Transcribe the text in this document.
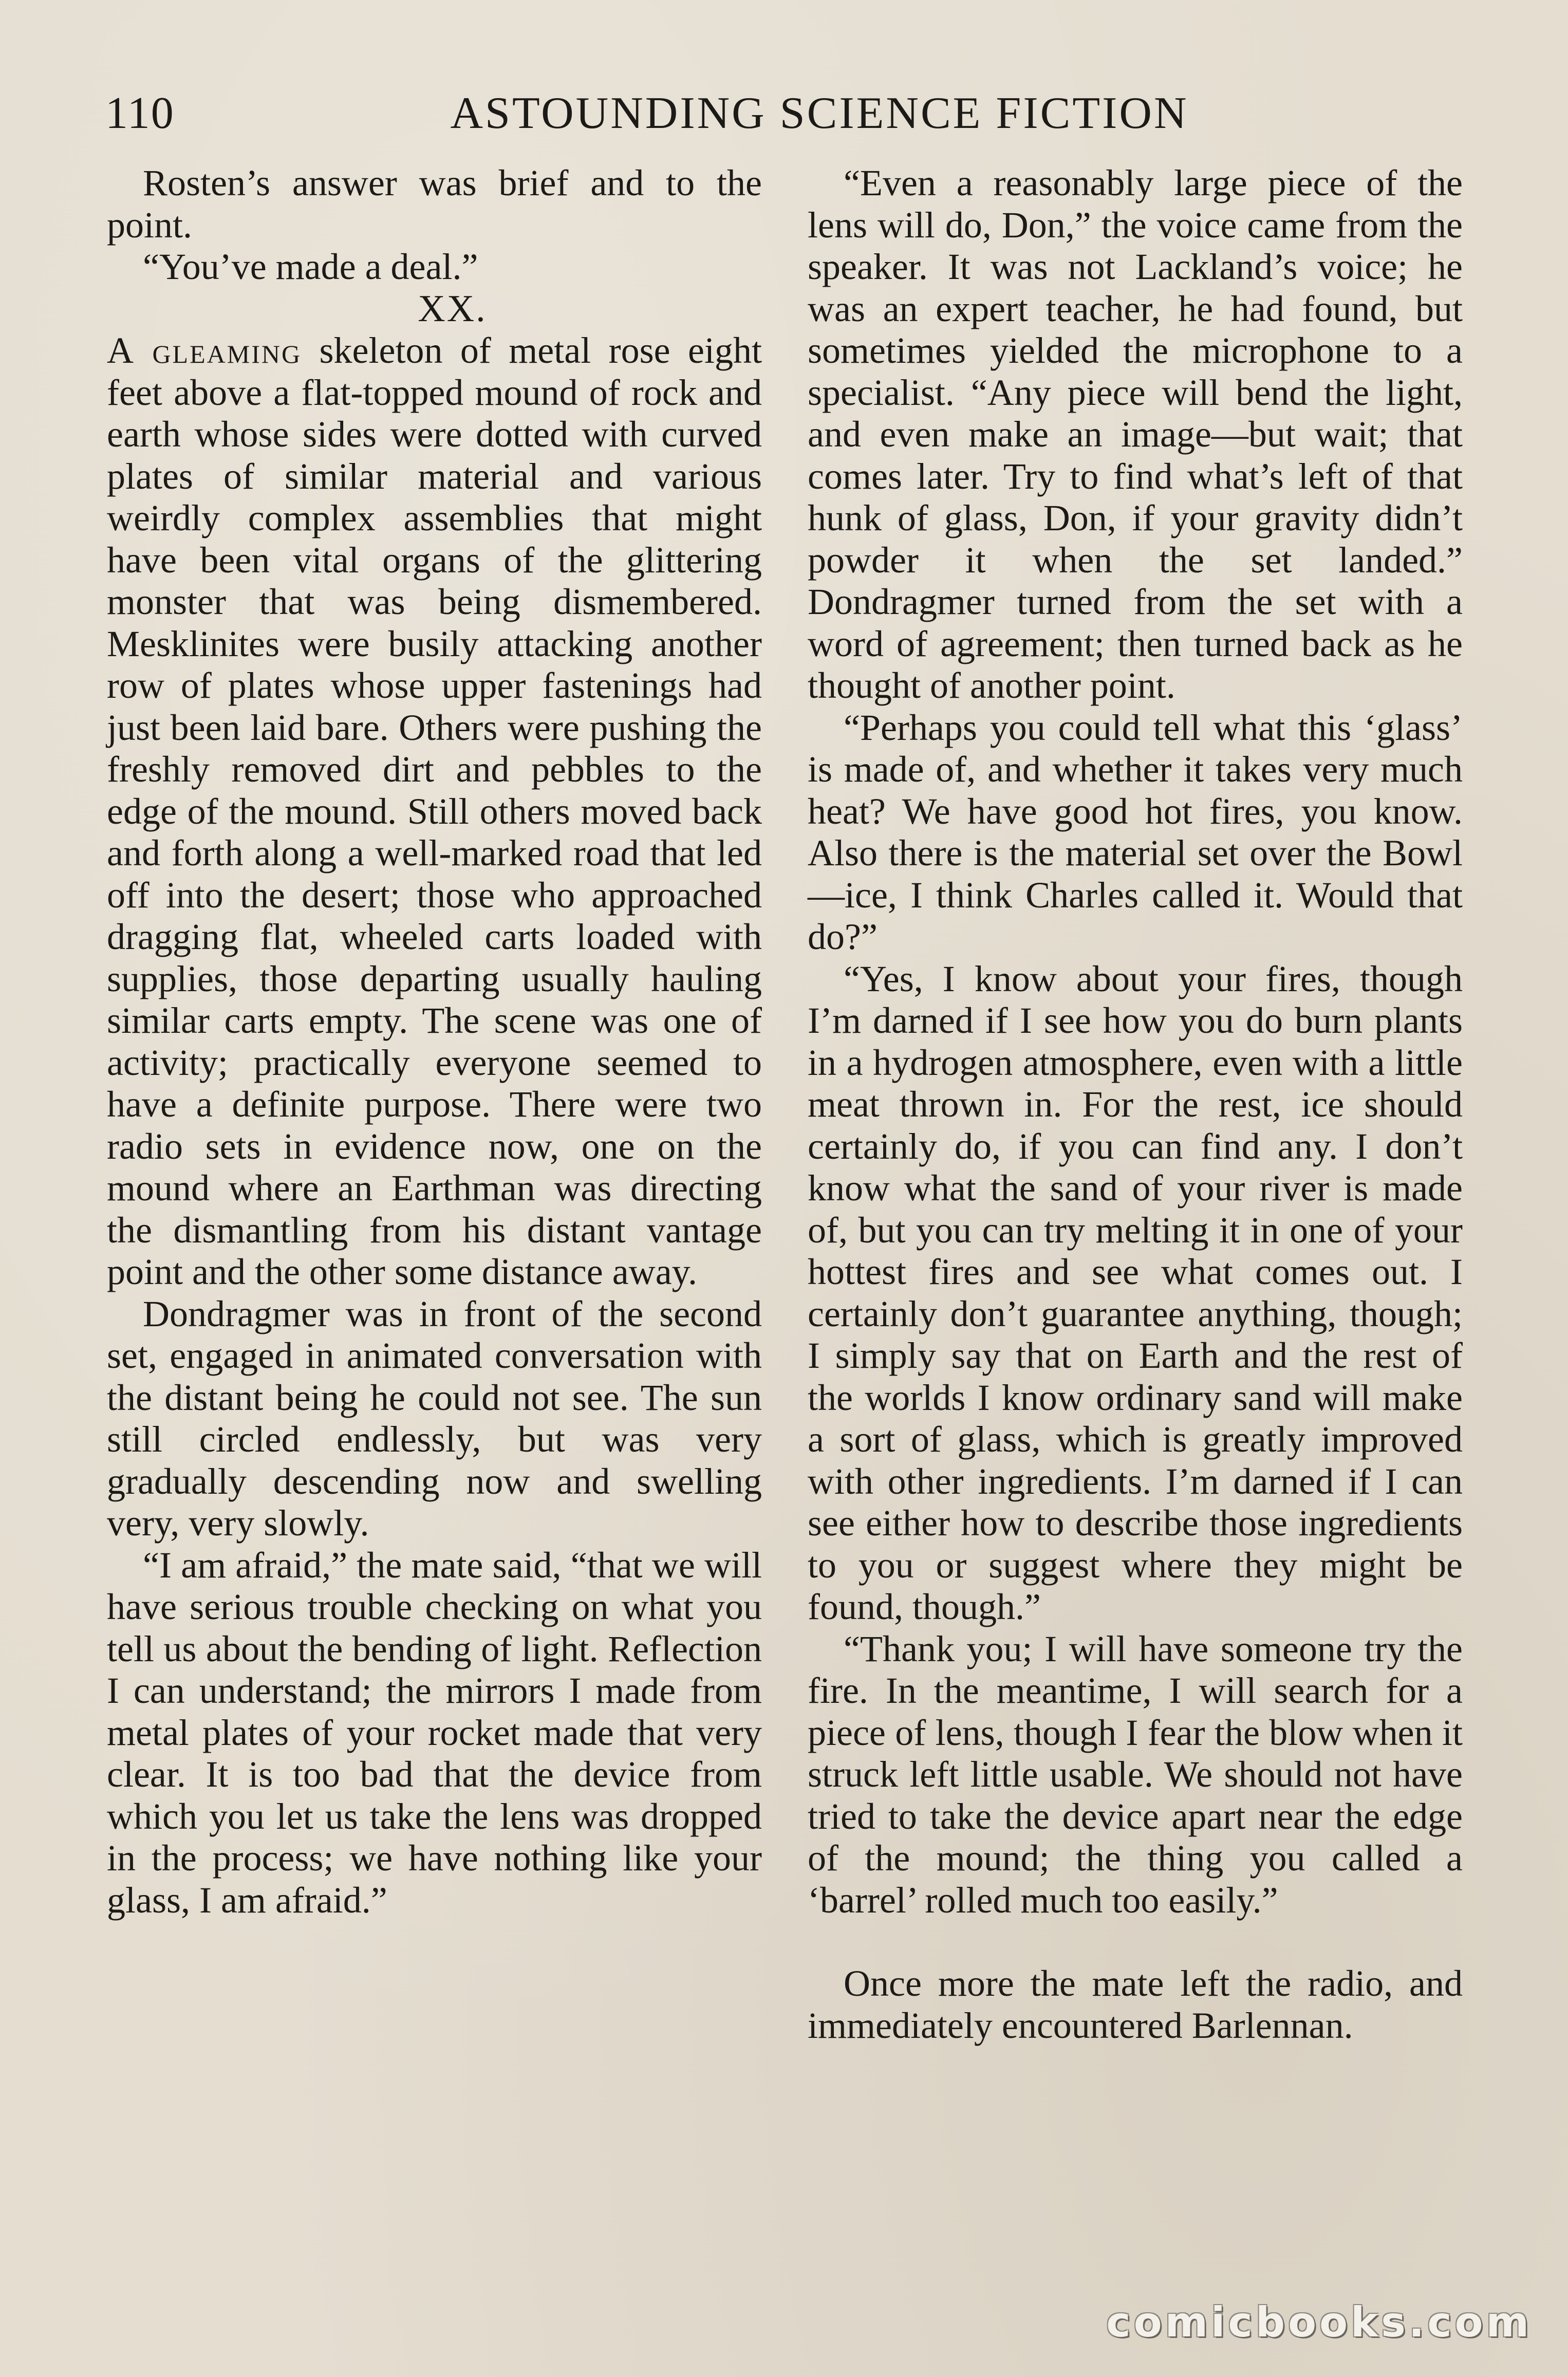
110	ASTOUNDING SCIENCE FICTION

Rosten’s answer was brief and to the point.

“You’ve made a deal.”

XX.

A gleaming skeleton of metal rose eight feet above a flat-topped mound of rock and earth whose sides were dotted with curved plates of similar material and various weirdly complex assemblies that might have been vital organs of the glittering monster that was being dismembered. Mesklinites were busily attacking another row of plates whose upper fastenings had just been laid bare. Others were pushing the freshly removed dirt and pebbles to the edge of the mound. Still others moved back and forth along a well-marked road that led off into the desert; those who approached dragging flat, wheeled carts loaded with supplies, those departing usually hauling similar carts empty. The scene was one of activity; practically everyone seemed to have a definite purpose. There were two radio sets in evidence now, one on the mound where an Earthman was directing the dismantling from his distant vantage point and the other some distance away.

Dondragmer was in front of the second set, engaged in animated conversation with the distant being he could not see. The sun still circled endlessly, but was very gradually descending now and swelling very, very slowly.

“I am afraid,” the mate said, “that we will have serious trouble checking on what you tell us about the bending of light. Reflection I can understand; the mirrors I made from metal plates of your rocket made that very clear. It is too bad that the device from which you let us take the lens was dropped in the process; we have nothing like your glass, I am afraid.”

“Even a reasonably large piece of the lens will do, Don,” the voice came from the speaker. It was not Lackland’s voice; he was an expert teacher, he had found, but sometimes yielded the microphone to a specialist. “Any piece will bend the light, and even make an image—but wait; that comes later. Try to find what’s left of that hunk of glass, Don, if your gravity didn’t powder it when the set landed.” Dondragmer turned from the set with a word of agreement; then turned back as he thought of another point.

“Perhaps you could tell what this ‘glass’ is made of, and whether it takes very much heat? We have good hot fires, you know. Also there is the material set over the Bowl—ice, I think Charles called it. Would that do?”

“Yes, I know about your fires, though I’m darned if I see how you do burn plants in a hydrogen atmosphere, even with a little meat thrown in. For the rest, ice should certainly do, if you can find any. I don’t know what the sand of your river is made of, but you can try melting it in one of your hottest fires and see what comes out. I certainly don’t guarantee anything, though; I simply say that on Earth and the rest of the worlds I know ordinary sand will make a sort of glass, which is greatly improved with other ingredients. I’m darned if I can see either how to describe those ingredients to you or suggest where they might be found, though.”

“Thank you; I will have someone try the fire. In the meantime, I will search for a piece of lens, though I fear the blow when it struck left little usable. We should not have tried to take the device apart near the edge of the mound; the thing you called a ‘barrel’ rolled much too easily.”

Once more the mate left the radio, and immediately encountered Barlennan.

comicbooks.com
